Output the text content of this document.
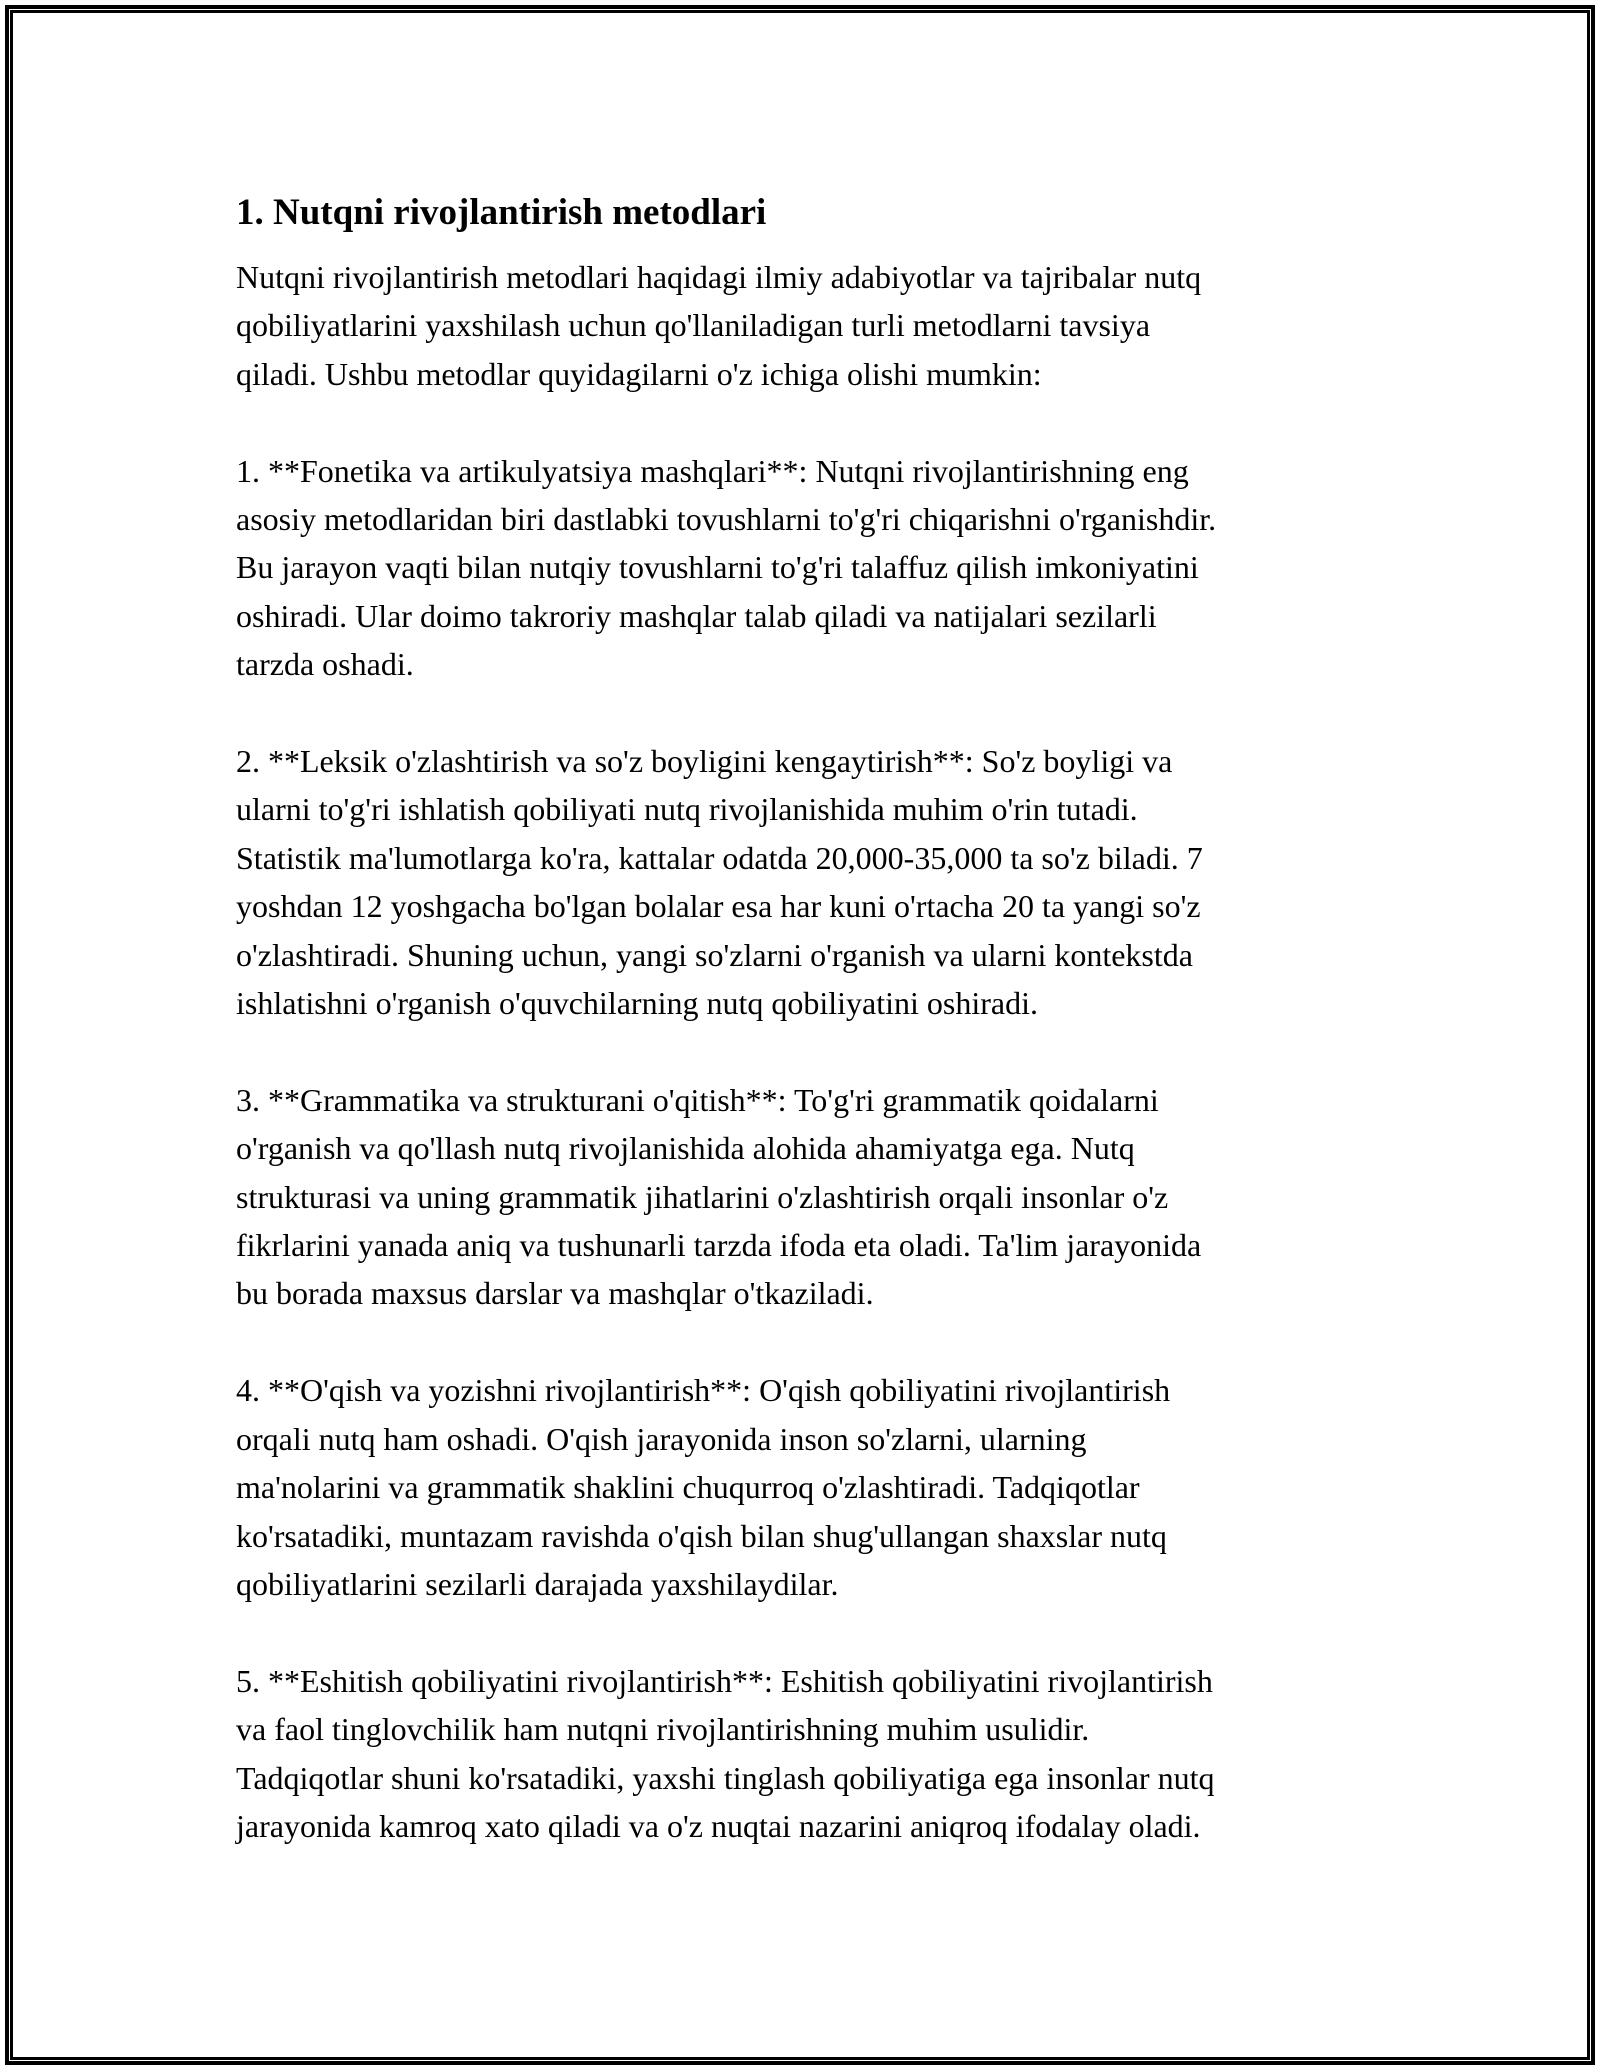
1. Nutqni rivojlantirish metodlari

Nutqni rivojlantirish metodlari haqidagi ilmiy adabiyotlar va tajribalar nutq
qobiliyatlarini yaxshilash uchun qo'llaniladigan turli metodlarni tavsiya
qiladi. Ushbu metodlar quyidagilarni o'z ichiga olishi mumkin:

1. **Fonetika va artikulyatsiya mashqlari**: Nutqni rivojlantirishning eng
asosiy metodlaridan biri dastlabki tovushlarni to'g'ri chiqarishni o'rganishdir.
Bu jarayon vaqti bilan nutqiy tovushlarni to'g'ri talaffuz qilish imkoniyatini
oshiradi. Ular doimo takroriy mashqlar talab qiladi va natijalari sezilarli
tarzda oshadi.

2. **Leksik o'zlashtirish va so'z boyligini kengaytirish**: So'z boyligi va
ularni to'g'ri ishlatish qobiliyati nutq rivojlanishida muhim o'rin tutadi.
Statistik ma'lumotlarga ko'ra, kattalar odatda 20,000-35,000 ta so'z biladi. 7
yoshdan 12 yoshgacha bo'lgan bolalar esa har kuni o'rtacha 20 ta yangi so'z
o'zlashtiradi. Shuning uchun, yangi so'zlarni o'rganish va ularni kontekstda
ishlatishni o'rganish o'quvchilarning nutq qobiliyatini oshiradi.

3. **Grammatika va strukturani o'qitish**: To'g'ri grammatik qoidalarni
o'rganish va qo'llash nutq rivojlanishida alohida ahamiyatga ega. Nutq
strukturasi va uning grammatik jihatlarini o'zlashtirish orqali insonlar o'z
fikrlarini yanada aniq va tushunarli tarzda ifoda eta oladi. Ta'lim jarayonida
bu borada maxsus darslar va mashqlar o'tkaziladi.

4. **O'qish va yozishni rivojlantirish**: O'qish qobiliyatini rivojlantirish
orqali nutq ham oshadi. O'qish jarayonida inson so'zlarni, ularning
ma'nolarini va grammatik shaklini chuqurroq o'zlashtiradi. Tadqiqotlar
ko'rsatadiki, muntazam ravishda o'qish bilan shug'ullangan shaxslar nutq
qobiliyatlarini sezilarli darajada yaxshilaydilar.

5. **Eshitish qobiliyatini rivojlantirish**: Eshitish qobiliyatini rivojlantirish
va faol tinglovchilik ham nutqni rivojlantirishning muhim usulidir.
Tadqiqotlar shuni ko'rsatadiki, yaxshi tinglash qobiliyatiga ega insonlar nutq
jarayonida kamroq xato qiladi va o'z nuqtai nazarini aniqroq ifodalay oladi.
